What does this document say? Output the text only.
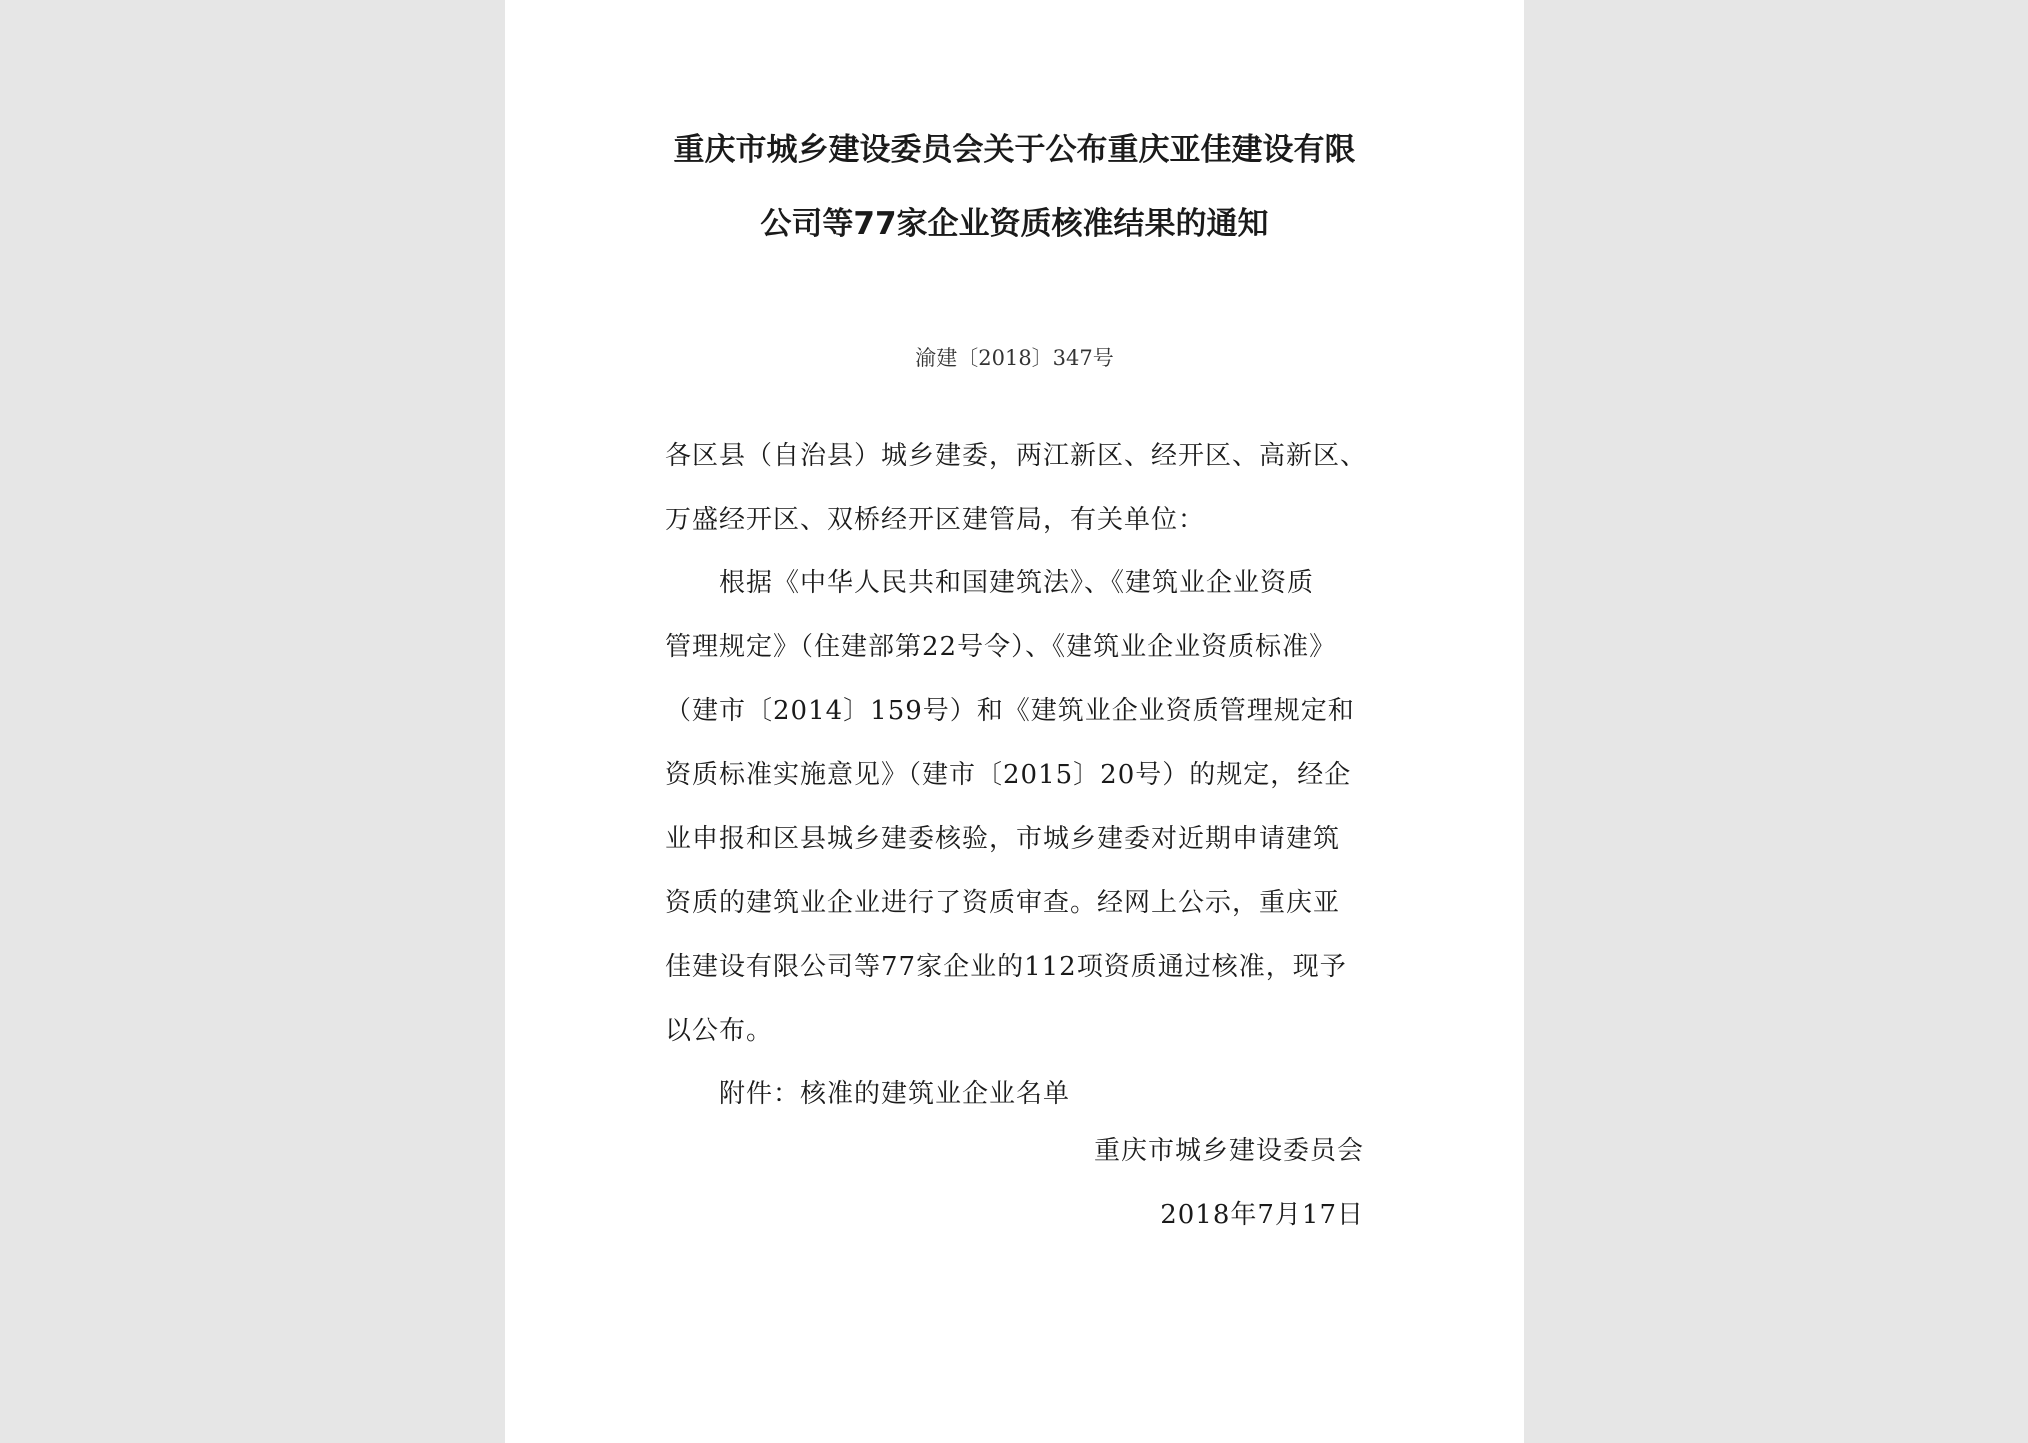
重庆市城乡建设委员会关于公布重庆亚佳建设有限
公司等77家企业资质核准结果的通知
渝建〔2018〕347号
各区县（自治县）城乡建委，两江新区、经开区、高新区、
万盛经开区、双桥经开区建管局，有关单位：
根据《中华人民共和国建筑法》、《建筑业企业资质
管理规定》（住建部第22号令）、《建筑业企业资质标准》
（建市〔2014〕159号）和《建筑业企业资质管理规定和
资质标准实施意见》（建市〔2015〕20号）的规定，经企
业申报和区县城乡建委核验，市城乡建委对近期申请建筑
资质的建筑业企业进行了资质审查。经网上公示，重庆亚
佳建设有限公司等77家企业的112项资质通过核准，现予
以公布。
附件：核准的建筑业企业名单
重庆市城乡建设委员会
2018年7月17日
